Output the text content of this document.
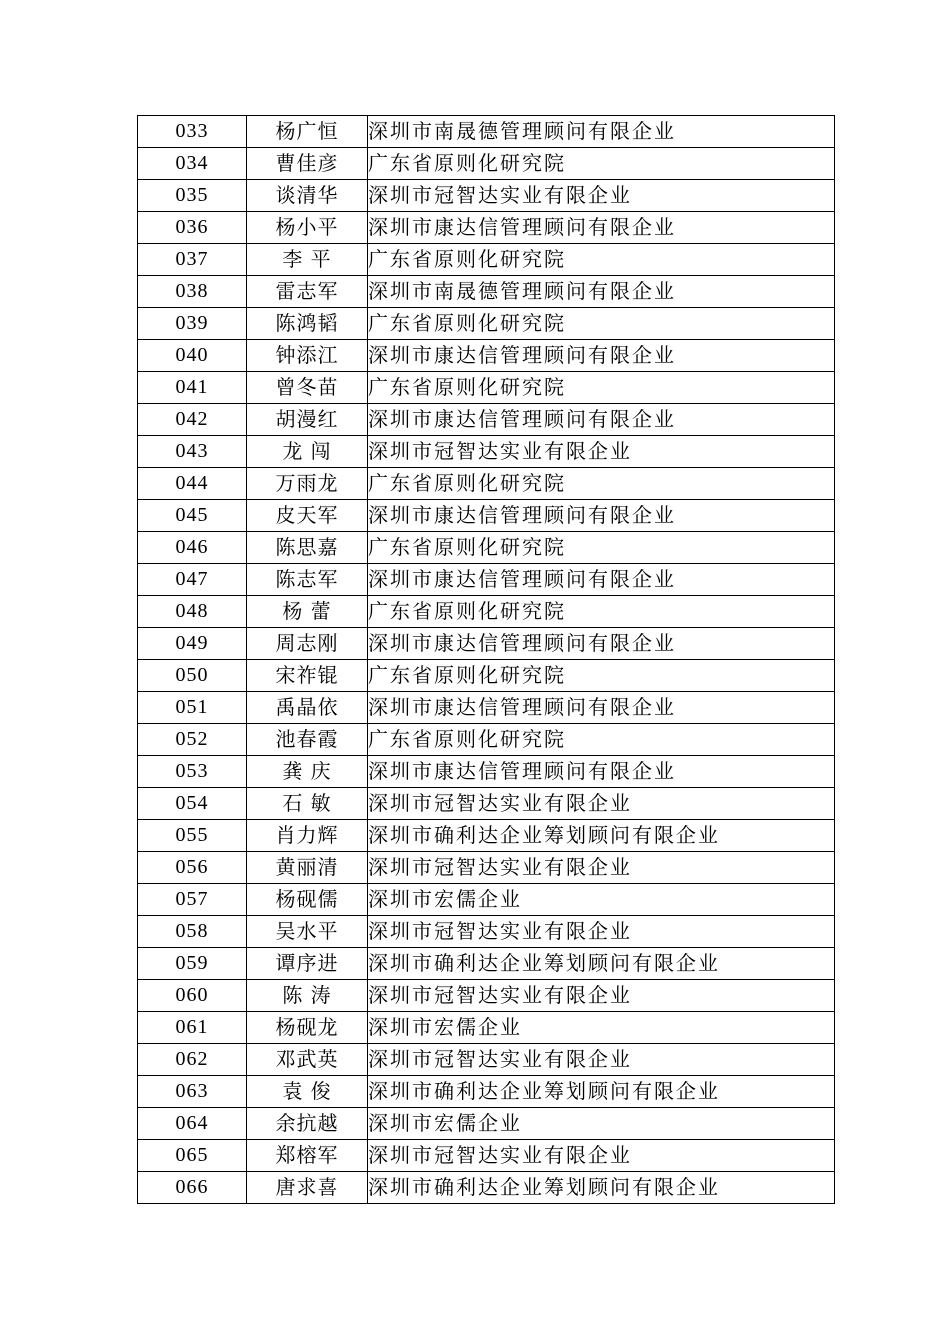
033	杨广恒	深圳市南晟德管理顾问有限企业
034	曹佳彦	广东省原则化研究院
035	谈清华	深圳市冠智达实业有限企业
036	杨小平	深圳市康达信管理顾问有限企业
037	李 平	广东省原则化研究院
038	雷志军	深圳市南晟德管理顾问有限企业
039	陈鸿韬	广东省原则化研究院
040	钟添江	深圳市康达信管理顾问有限企业
041	曾冬苗	广东省原则化研究院
042	胡漫红	深圳市康达信管理顾问有限企业
043	龙 闯	深圳市冠智达实业有限企业
044	万雨龙	广东省原则化研究院
045	皮天军	深圳市康达信管理顾问有限企业
046	陈思嘉	广东省原则化研究院
047	陈志军	深圳市康达信管理顾问有限企业
048	杨 蕾	广东省原则化研究院
049	周志刚	深圳市康达信管理顾问有限企业
050	宋祚锟	广东省原则化研究院
051	禹晶依	深圳市康达信管理顾问有限企业
052	池春霞	广东省原则化研究院
053	龚 庆	深圳市康达信管理顾问有限企业
054	石 敏	深圳市冠智达实业有限企业
055	肖力辉	深圳市确利达企业筹划顾问有限企业
056	黄丽清	深圳市冠智达实业有限企业
057	杨砚儒	深圳市宏儒企业
058	吴水平	深圳市冠智达实业有限企业
059	谭序进	深圳市确利达企业筹划顾问有限企业
060	陈 涛	深圳市冠智达实业有限企业
061	杨砚龙	深圳市宏儒企业
062	邓武英	深圳市冠智达实业有限企业
063	袁 俊	深圳市确利达企业筹划顾问有限企业
064	余抗越	深圳市宏儒企业
065	郑榕军	深圳市冠智达实业有限企业
066	唐求喜	深圳市确利达企业筹划顾问有限企业
